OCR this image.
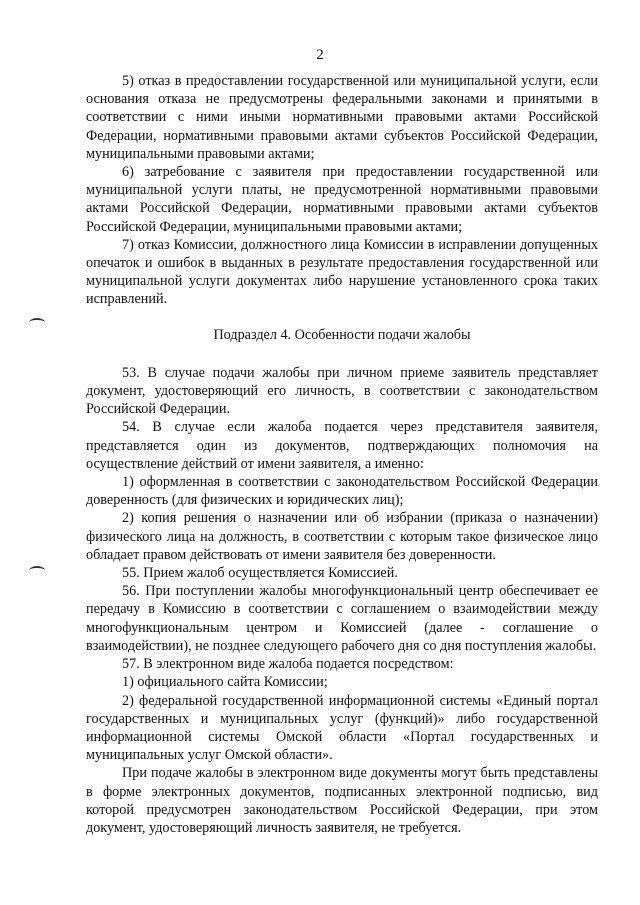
2

5) отказ в предоставлении государственной или муниципальной услуги, если основания отказа не предусмотрены федеральными законами и принятыми в соответствии с ними иными нормативными правовыми актами Российской Федерации, нормативными правовыми актами субъектов Российской Федерации, муниципальными правовыми актами;

6) затребование с заявителя при предоставлении государственной или муниципальной услуги платы, не предусмотренной нормативными правовыми актами Российской Федерации, нормативными правовыми актами субъектов Российской Федерации, муниципальными правовыми актами;

7) отказ Комиссии, должностного лица Комиссии в исправлении допущенных опечаток и ошибок в выданных в результате предоставления государственной или муниципальной услуги документах либо нарушение установленного срока таких исправлений.

Подраздел 4. Особенности подачи жалобы

53. В случае подачи жалобы при личном приеме заявитель представляет документ, удостоверяющий его личность, в соответствии с законодательством Российской Федерации.

54. В случае если жалоба подается через представителя заявителя, представляется один из документов, подтверждающих полномочия на осуществление действий от имени заявителя, а именно:

1) оформленная в соответствии с законодательством Российской Федерации доверенность (для физических и юридических лиц);

2) копия решения о назначении или об избрании (приказа о назначении) физического лица на должность, в соответствии с которым такое физическое лицо обладает правом действовать от имени заявителя без доверенности.

55. Прием жалоб осуществляется Комиссией.

56. При поступлении жалобы многофункциональный центр обеспечивает ее передачу в Комиссию в соответствии с соглашением о взаимодействии между многофункциональным центром и Комиссией (далее - соглашение о взаимодействии), не позднее следующего рабочего дня со дня поступления жалобы.

57. В электронном виде жалоба подается посредством:

1) официального сайта Комиссии;

2) федеральной государственной информационной системы «Единый портал государственных и муниципальных услуг (функций)» либо государственной информационной системы Омской области «Портал государственных и муниципальных услуг Омской области».

При подаче жалобы в электронном виде документы могут быть представлены в форме электронных документов, подписанных электронной подписью, вид которой предусмотрен законодательством Российской Федерации, при этом документ, удостоверяющий личность заявителя, не требуется.
